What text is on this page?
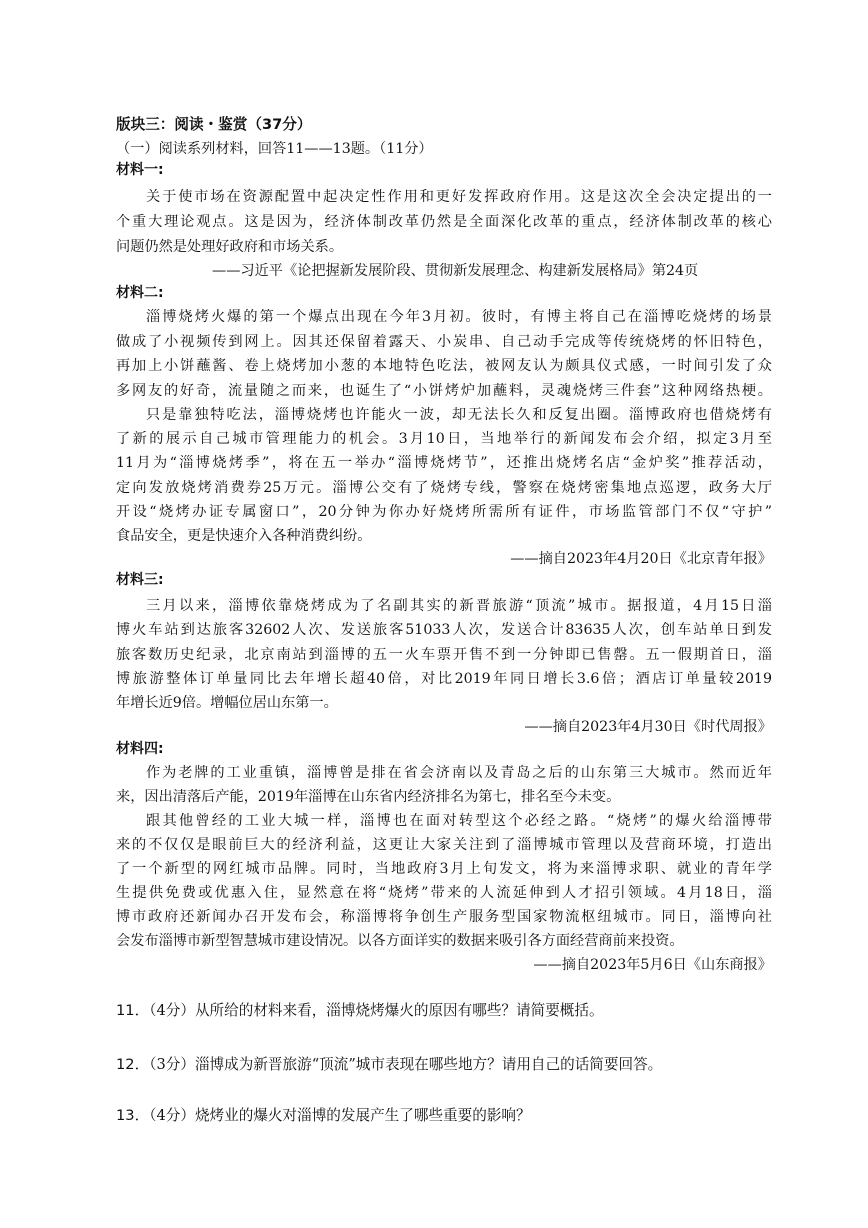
版块三：阅读・鉴赏（37分）
（一）阅读系列材料，回答11——13题。（11分）
材料一:
关于使市场在资源配置中起决定性作用和更好发挥政府作用。这是这次全会决定提出的一
个重大理论观点。这是因为，经济体制改革仍然是全面深化改革的重点，经济体制改革的核心
问题仍然是处理好政府和市场关系。
——习近平《论把握新发展阶段、贯彻新发展理念、构建新发展格局》第24页
材料二:
淄博烧烤火爆的第一个爆点出现在今年3月初。彼时，有博主将自己在淄博吃烧烤的场景
做成了小视频传到网上。因其还保留着露天、小炭串、自己动手完成等传统烧烤的怀旧特色，
再加上小饼蘸酱、卷上烧烤加小葱的本地特色吃法，被网友认为颇具仪式感，一时间引发了众
多网友的好奇，流量随之而来，也诞生了“小饼烤炉加蘸料，灵魂烧烤三件套”这种网络热梗。
只是靠独特吃法，淄博烧烤也许能火一波，却无法长久和反复出圈。淄博政府也借烧烤有
了新的展示自己城市管理能力的机会。3月10日，当地举行的新闻发布会介绍，拟定3月至
11月为“淄博烧烤季”，将在五一举办“淄博烧烤节”，还推出烧烤名店“金炉奖”推荐活动，
定向发放烧烤消费券25万元。淄博公交有了烧烤专线，警察在烧烤密集地点巡逻，政务大厅
开设“烧烤办证专属窗口”，20分钟为你办好烧烤所需所有证件，市场监管部门不仅“守护”
食品安全，更是快速介入各种消费纠纷。
——摘自2023年4月20日《北京青年报》
材料三:
三月以来，淄博依靠烧烤成为了名副其实的新晋旅游“顶流”城市。据报道，4月15日淄
博火车站到达旅客32602人次、发送旅客51033人次，发送合计83635人次，创车站单日到发
旅客数历史纪录，北京南站到淄博的五一火车票开售不到一分钟即已售罄。五一假期首日，淄
博旅游整体订单量同比去年增长超40倍，对比2019年同日增长3.6倍；酒店订单量较2019
年增长近9倍。增幅位居山东第一。
——摘自2023年4月30日《时代周报》
材料四:
作为老牌的工业重镇，淄博曾是排在省会济南以及青岛之后的山东第三大城市。然而近年
来，因出清落后产能，2019年淄博在山东省内经济排名为第七，排名至今未变。
跟其他曾经的工业大城一样，淄博也在面对转型这个必经之路。“烧烤”的爆火给淄博带
来的不仅仅是眼前巨大的经济利益，这更让大家关注到了淄博城市管理以及营商环境，打造出
了一个新型的网红城市品牌。同时，当地政府3月上旬发文，将为来淄博求职、就业的青年学
生提供免费或优惠入住，显然意在将“烧烤”带来的人流延伸到人才招引领域。4月18日，淄
博市政府还新闻办召开发布会，称淄博将争创生产服务型国家物流枢纽城市。同日，淄博向社
会发布淄博市新型智慧城市建设情况。以各方面详实的数据来吸引各方面经营商前来投资。
——摘自2023年5月6日《山东商报》
11．（4分）从所给的材料来看，淄博烧烤爆火的原因有哪些？请简要概括。
12．（3分）淄博成为新晋旅游“顶流”城市表现在哪些地方？请用自己的话简要回答。
13．（4分）烧烤业的爆火对淄博的发展产生了哪些重要的影响？
